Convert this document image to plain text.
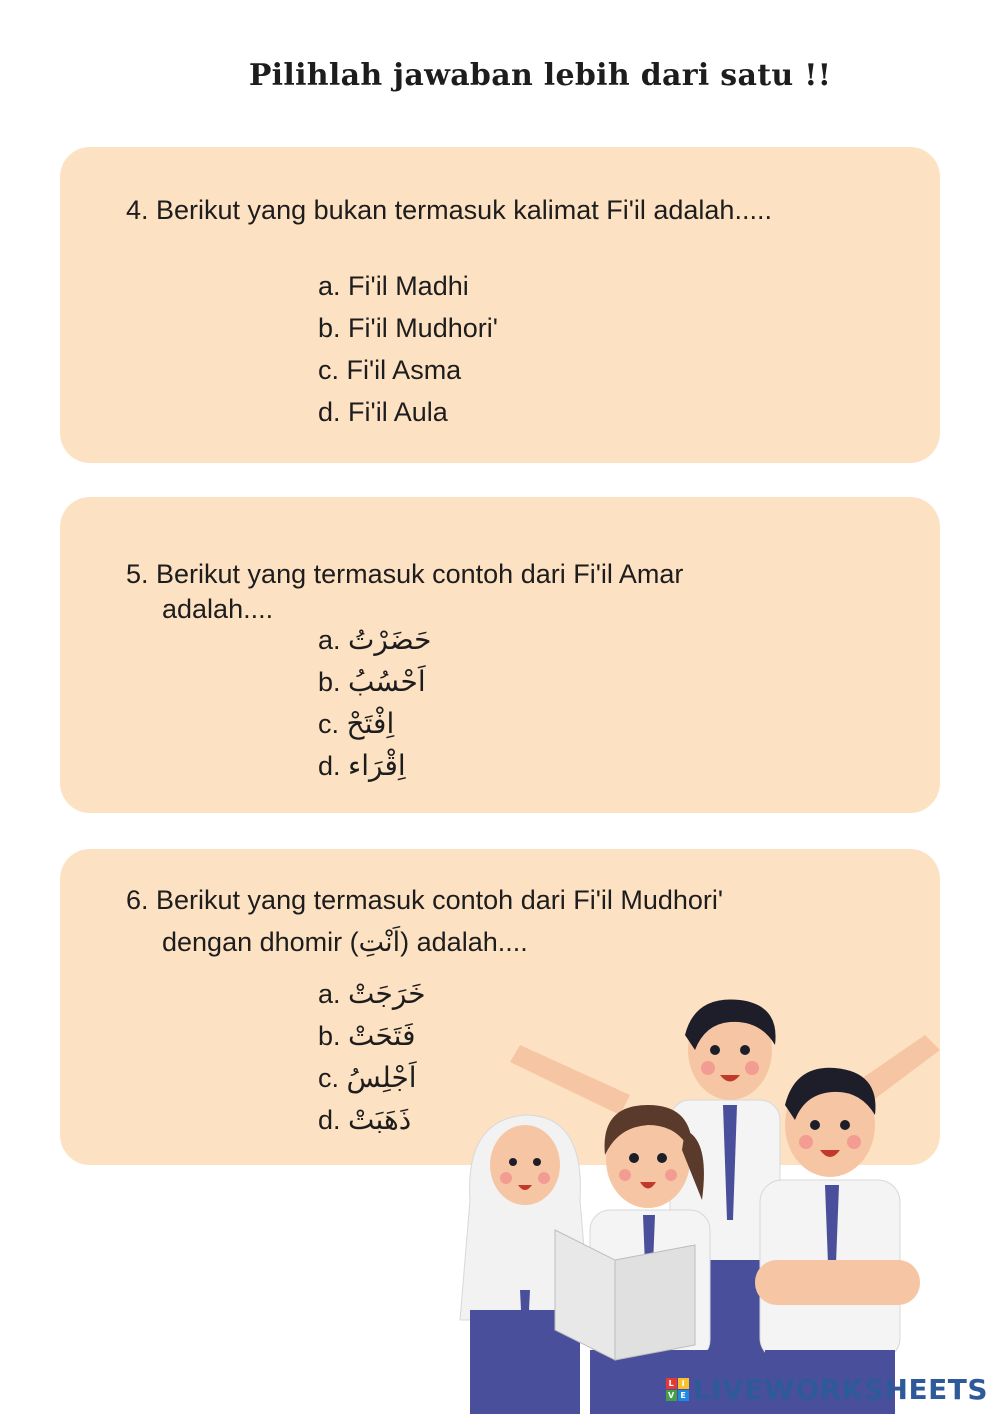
Pilihlah jawaban lebih dari satu !!
4. Berikut yang bukan termasuk kalimat Fi'il adalah.....
a. Fi'il Madhi
b. Fi'il Mudhori'
c. Fi'il Asma
d. Fi'il Aula
5. Berikut yang termasuk contoh dari Fi'il Amar
adalah....
a. حَضَرْتُ
b. اَحْسُبُ
c. اِفْتَحْ
d. اِقْرَاء
6. Berikut yang termasuk contoh dari Fi'il Mudhori'
dengan dhomir (اَنْتِ) adalah....
a. خَرَجَتْ
b. فَتَحَتْ
c. اَجْلِسُ
d. ذَهَبَتْ
L I
V E LIVEWORKSHEETS
